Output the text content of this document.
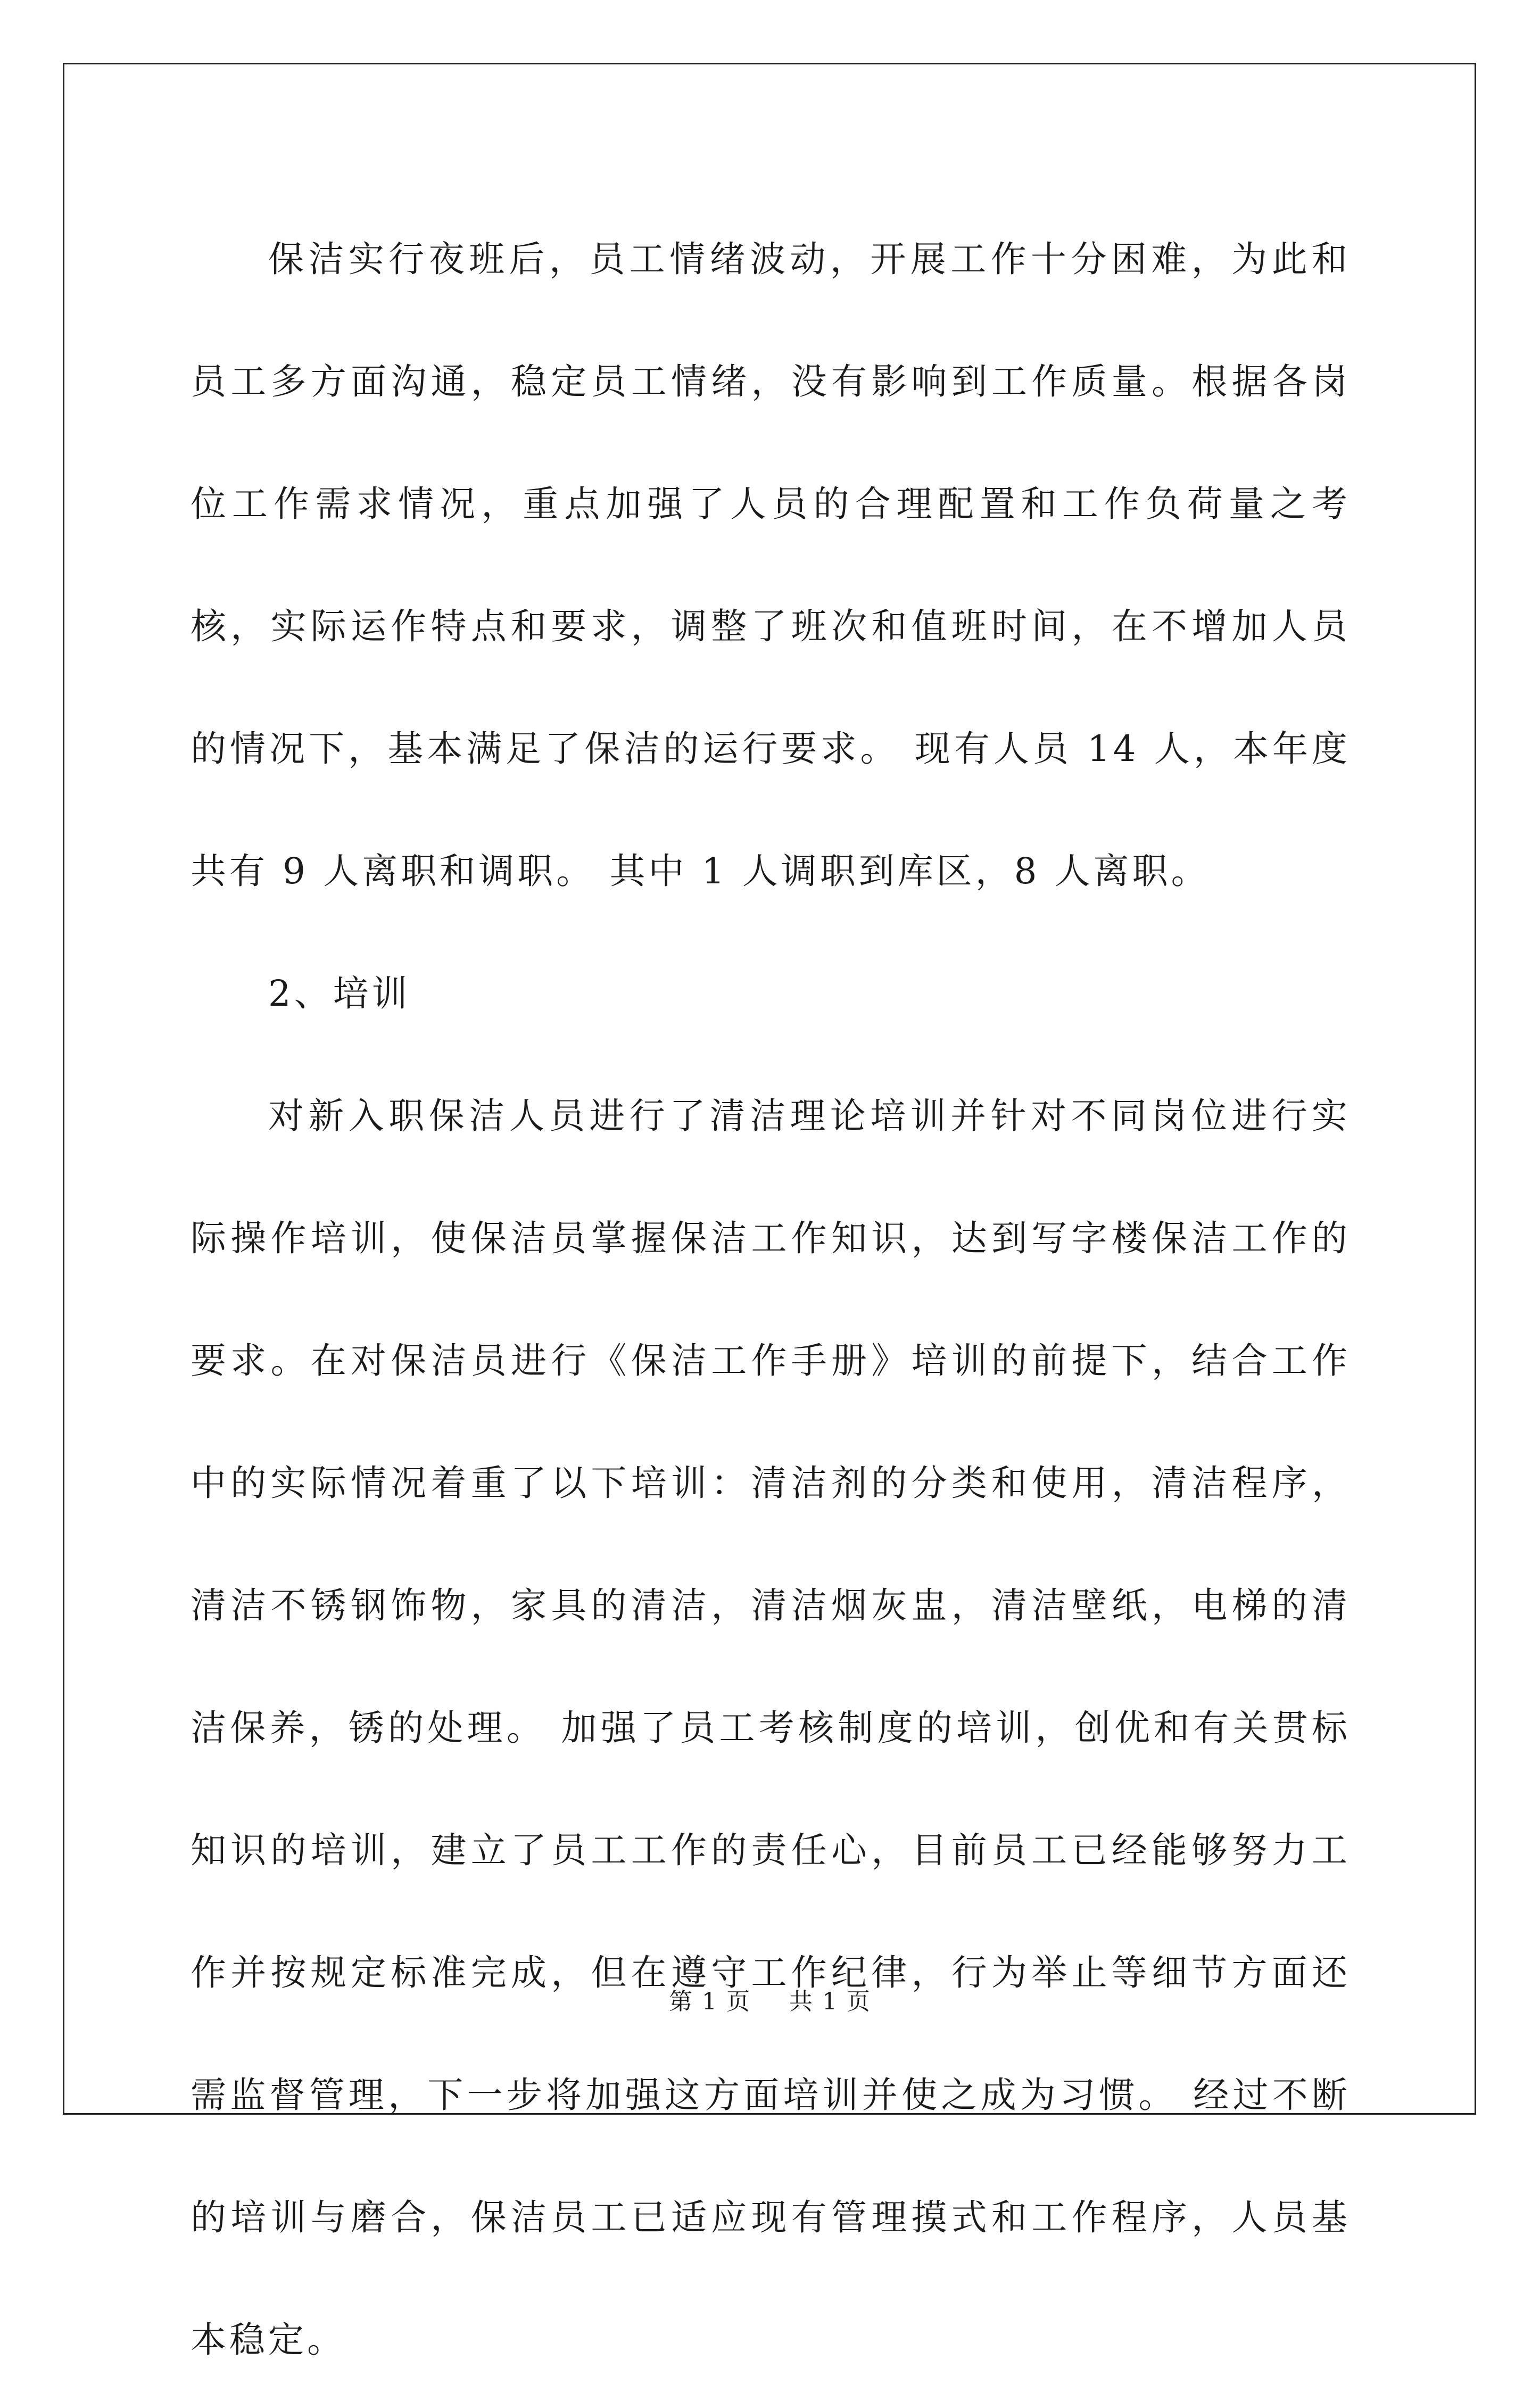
保洁实行夜班后，员工情绪波动，开展工作十分困难，为此和员工多方面沟通，稳定员工情绪，没有影响到工作质量。根据各岗位工作需求情况，重点加强了人员的合理配置和工作负荷量之考核，实际运作特点和要求，调整了班次和值班时间，在不增加人员的情况下，基本满足了保洁的运行要求。 现有人员 14 人，本年度共有 9 人离职和调职。 其中 1 人调职到库区，8 人离职。

2、培训

对新入职保洁人员进行了清洁理论培训并针对不同岗位进行实际操作培训，使保洁员掌握保洁工作知识，达到写字楼保洁工作的要求。在对保洁员进行《保洁工作手册》培训的前提下，结合工作中的实际情况着重了以下培训：清洁剂的分类和使用，清洁程序，清洁不锈钢饰物，家具的清洁，清洁烟灰盅，清洁壁纸，电梯的清洁保养，锈的处理。 加强了员工考核制度的培训，创优和有关贯标知识的培训，建立了员工工作的责任心，目前员工已经能够努力工作并按规定标准完成，但在遵守工作纪律，行为举止等细节方面还需监督管理，下一步将加强这方面培训并使之成为习惯。 经过不断的培训与磨合，保洁员工已适应现有管理摸式和工作程序，人员基本稳定。

第 1 页 共 1 页
